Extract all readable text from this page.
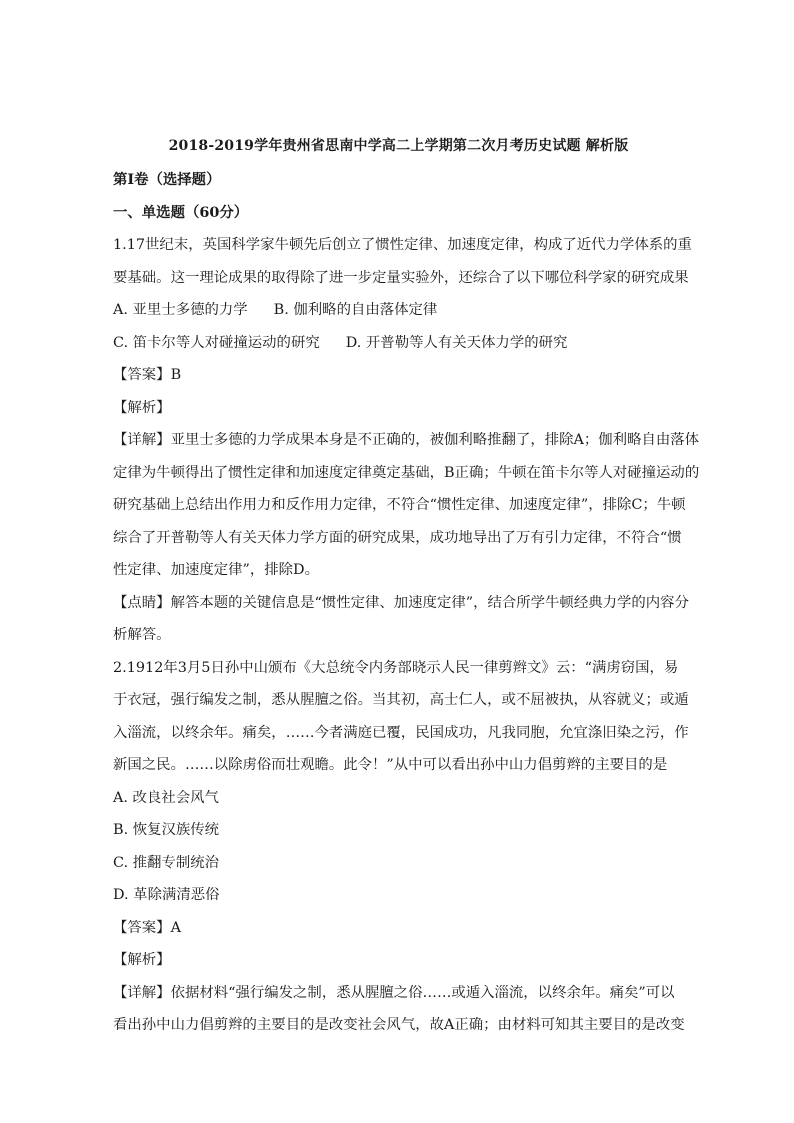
2018-2019学年贵州省思南中学高二上学期第二次月考历史试题 解析版

第I卷（选择题）

一、单选题（60分）

1.17世纪末，英国科学家牛顿先后创立了惯性定律、加速度定律，构成了近代力学体系的重

要基础。这一理论成果的取得除了进一步定量实验外，还综合了以下哪位科学家的研究成果

A. 亚里士多德的力学 B. 伽利略的自由落体定律
C. 笛卡尔等人对碰撞运动的研究 D. 开普勒等人有关天体力学的研究

【答案】B

【解析】

【详解】亚里士多德的力学成果本身是不正确的，被伽利略推翻了，排除A；伽利略自由落体

定律为牛顿得出了惯性定律和加速度定律奠定基础，B正确；牛顿在笛卡尔等人对碰撞运动的

研究基础上总结出作用力和反作用力定律，不符合“惯性定律、加速度定律”，排除C；牛顿

综合了开普勒等人有关天体力学方面的研究成果，成功地导出了万有引力定律，不符合“惯

性定律、加速度定律”，排除D。

【点睛】解答本题的关键信息是“惯性定律、加速度定律”，结合所学牛顿经典力学的内容分

析解答。

2.1912年3月5日孙中山颁布《大总统令内务部晓示人民一律剪辫文》云：“满虏窃国，易

于衣冠，强行编发之制，悉从腥膻之俗。当其初，高士仁人，或不屈被执，从容就义；或遁

入淄流，以终余年。痛矣，……今者满庭已覆，民国成功，凡我同胞，允宜涤旧染之污，作

新国之民。……以除虏俗而壮观瞻。此令！”从中可以看出孙中山力倡剪辫的主要目的是

A. 改良社会风气

B. 恢复汉族传统

C. 推翻专制统治

D. 革除满清恶俗

【答案】A

【解析】

【详解】依据材料“强行编发之制，悉从腥膻之俗……或遁入淄流，以终余年。痛矣”可以

看出孙中山力倡剪辫的主要目的是改变社会风气，故A正确；由材料可知其主要目的是改变
